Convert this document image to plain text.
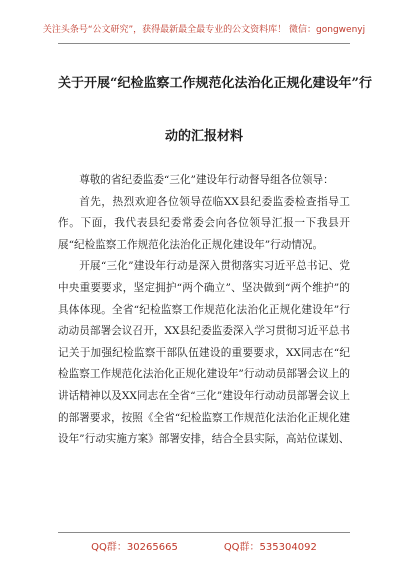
关注头条号“公文研究”，获得最新最全最专业的公文资料库！ 微信：gongwenyj
关于开展“纪检监察工作规范化法治化正规化建设年”行
动的汇报材料

尊敬的省纪委监委“三化”建设年行动督导组各位领导：

首先，热烈欢迎各位领导莅临XX县纪委监委检查指导工作。下面，我代表县纪委常委会向各位领导汇报一下我县开展“纪检监察工作规范化法治化正规化建设年”行动情况。

开展“三化”建设年行动是深入贯彻落实习近平总书记、党中央重要要求，坚定拥护“两个确立”、坚决做到“两个维护”的具体体现。全省“纪检监察工作规范化法治化正规化建设年”行动动员部署会议召开，XX县纪委监委深入学习贯彻习近平总书记关于加强纪检监察干部队伍建设的重要要求，XX同志在“纪检监察工作规范化法治化正规化建设年”行动动员部署会议上的讲话精神以及XX同志在全省“三化”建设年行动动员部署会议上的部署要求，按照《全省“纪检监察工作规范化法治化正规化建设年”行动实施方案》部署安排，结合全县实际，高站位谋划、

QQ群：30265665	QQ群：535304092
